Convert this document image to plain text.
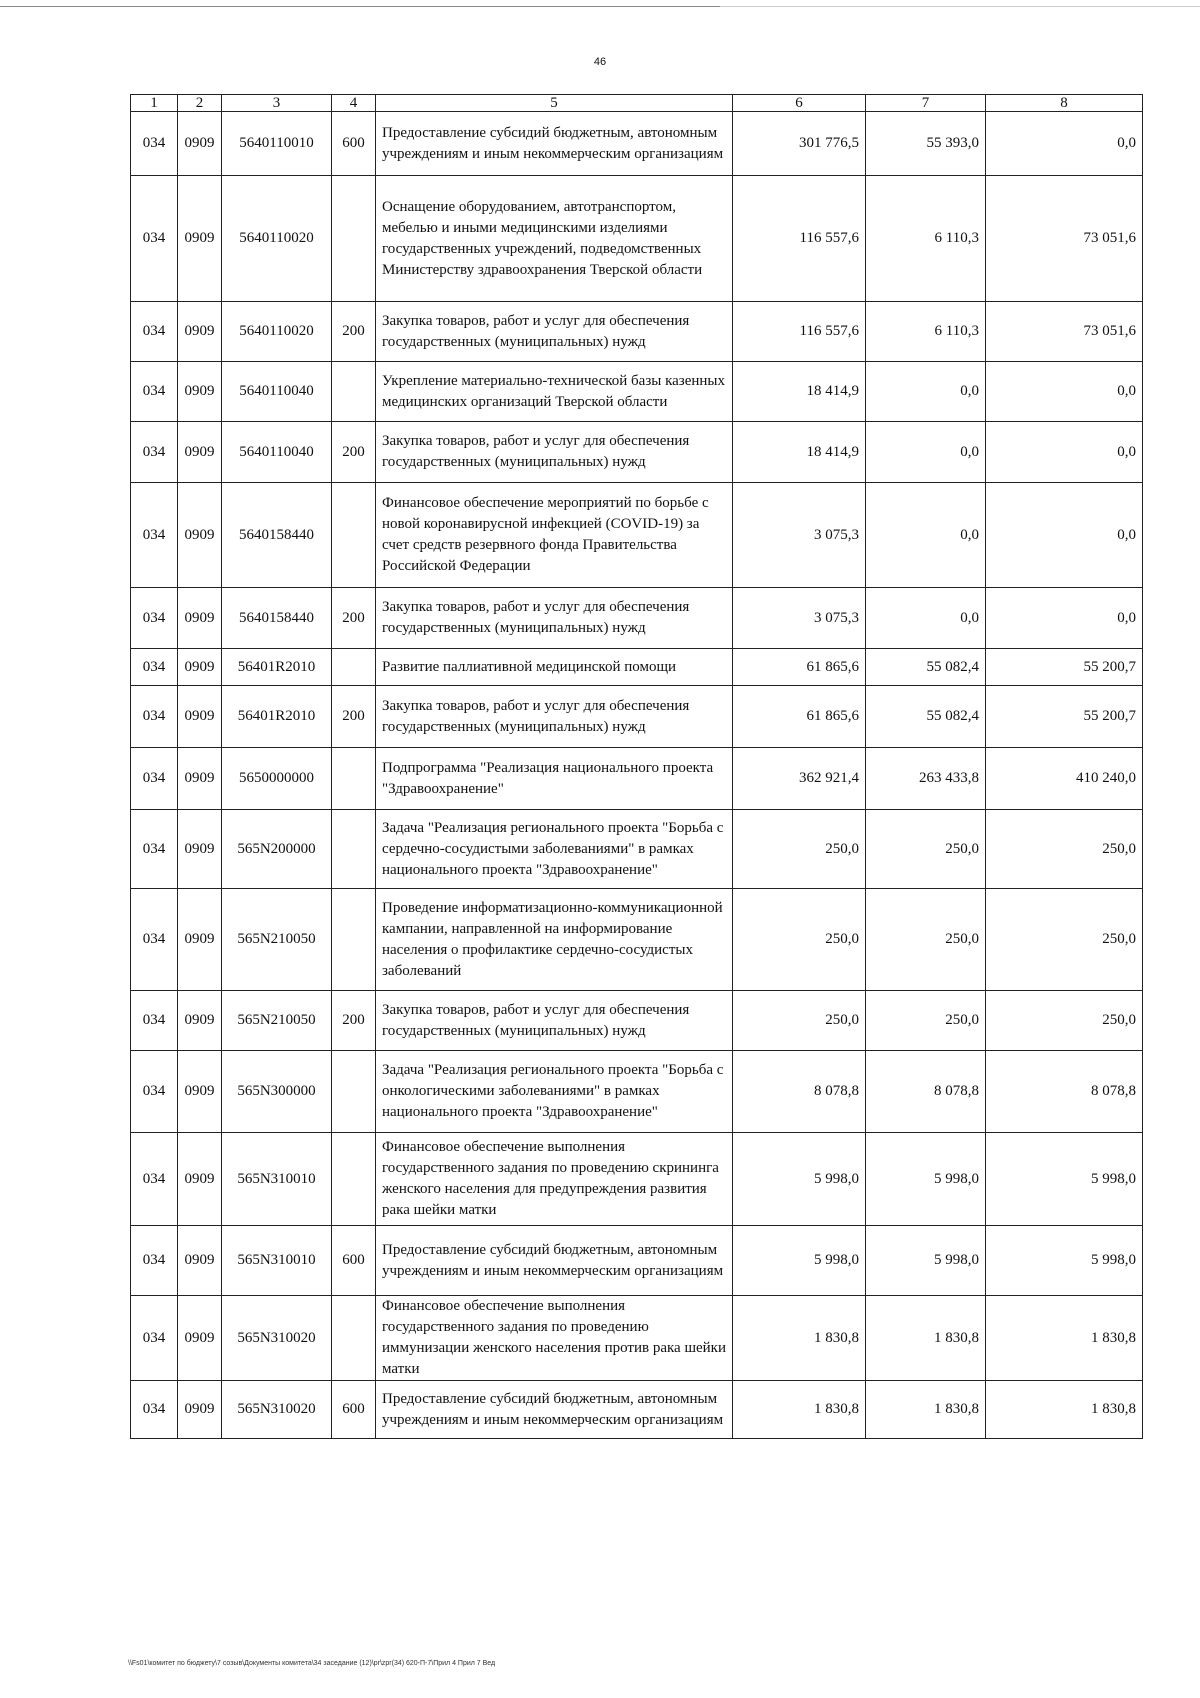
46
1	2	3	4	5	6	7	8
034	0909	5640110010	600	Предоставление субсидий бюджетным, автономным учреждениям и иным некоммерческим организациям	301 776,5	55 393,0	0,0
034	0909	5640110020		Оснащение оборудованием, автотранспортом, мебелью и иными медицинскими изделиями государственных учреждений, подведомственных Министерству здравоохранения Тверской области	116 557,6	6 110,3	73 051,6
034	0909	5640110020	200	Закупка товаров, работ и услуг для обеспечения государственных (муниципальных) нужд	116 557,6	6 110,3	73 051,6
034	0909	5640110040		Укрепление материально-технической базы казенных медицинских организаций Тверской области	18 414,9	0,0	0,0
034	0909	5640110040	200	Закупка товаров, работ и услуг для обеспечения государственных (муниципальных) нужд	18 414,9	0,0	0,0
034	0909	5640158440		Финансовое обеспечение мероприятий по борьбе с новой коронавирусной инфекцией (COVID-19) за счет средств резервного фонда Правительства Российской Федерации	3 075,3	0,0	0,0
034	0909	5640158440	200	Закупка товаров, работ и услуг для обеспечения государственных (муниципальных) нужд	3 075,3	0,0	0,0
034	0909	56401R2010		Развитие паллиативной медицинской помощи	61 865,6	55 082,4	55 200,7
034	0909	56401R2010	200	Закупка товаров, работ и услуг для обеспечения государственных (муниципальных) нужд	61 865,6	55 082,4	55 200,7
034	0909	5650000000		Подпрограмма "Реализация национального проекта "Здравоохранение"	362 921,4	263 433,8	410 240,0
034	0909	565N200000		Задача "Реализация регионального проекта "Борьба с сердечно-сосудистыми заболеваниями" в рамках национального проекта "Здравоохранение"	250,0	250,0	250,0
034	0909	565N210050		Проведение информатизационно-коммуникационной кампании, направленной на информирование населения о профилактике сердечно-сосудистых заболеваний	250,0	250,0	250,0
034	0909	565N210050	200	Закупка товаров, работ и услуг для обеспечения государственных (муниципальных) нужд	250,0	250,0	250,0
034	0909	565N300000		Задача "Реализация регионального проекта "Борьба с онкологическими заболеваниями" в рамках национального проекта "Здравоохранение"	8 078,8	8 078,8	8 078,8
034	0909	565N310010		Финансовое обеспечение выполнения государственного задания по проведению скрининга женского населения для предупреждения развития рака шейки матки	5 998,0	5 998,0	5 998,0
034	0909	565N310010	600	Предоставление субсидий бюджетным, автономным учреждениям и иным некоммерческим организациям	5 998,0	5 998,0	5 998,0
034	0909	565N310020		Финансовое обеспечение выполнения государственного задания по проведению иммунизации женского населения против рака шейки матки	1 830,8	1 830,8	1 830,8
034	0909	565N310020	600	Предоставление субсидий бюджетным, автономным учреждениям и иным некоммерческим организациям	1 830,8	1 830,8	1 830,8
\\Fs01\комитет по бюджету\7 созыв\Документы комитета\34 заседание (12)\pr\zpr(34) 620-П-7\Прил 4 Прил 7 Вед
